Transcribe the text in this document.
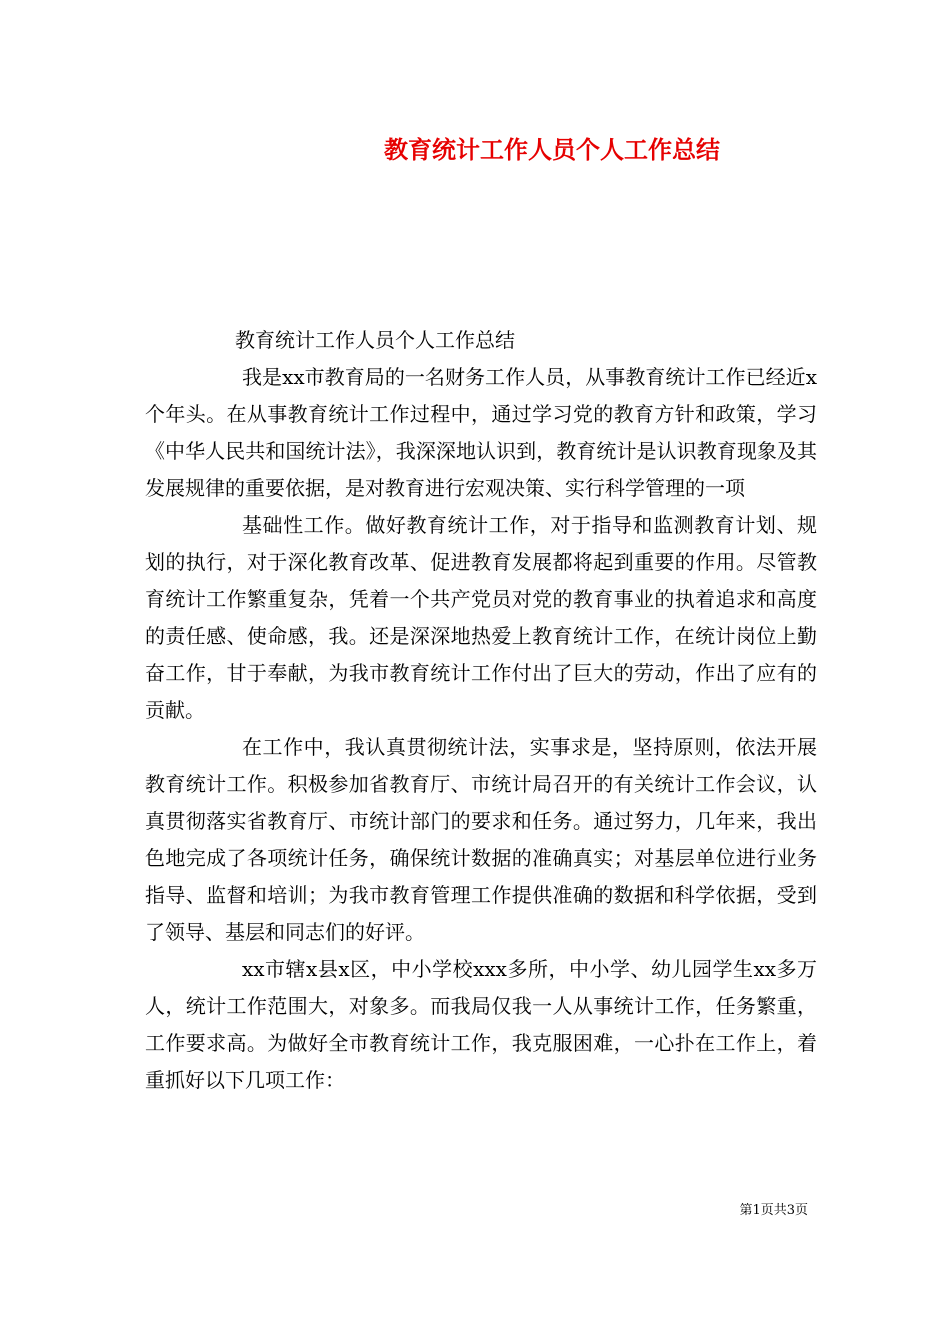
教育统计工作人员个人工作总结

教育统计工作人员个人工作总结

我是xx市教育局的一名财务工作人员，从事教育统计工作已经近x个年头。在从事教育统计工作过程中，通过学习党的教育方针和政策，学习《中华人民共和国统计法》，我深深地认识到，教育统计是认识教育现象及其发展规律的重要依据，是对教育进行宏观决策、实行科学管理的一项

基础性工作。做好教育统计工作，对于指导和监测教育计划、规划的执行，对于深化教育改革、促进教育发展都将起到重要的作用。尽管教育统计工作繁重复杂，凭着一个共产党员对党的教育事业的执着追求和高度的责任感、使命感，我。还是深深地热爱上教育统计工作，在统计岗位上勤奋工作，甘于奉献，为我市教育统计工作付出了巨大的劳动，作出了应有的贡献。

在工作中，我认真贯彻统计法，实事求是，坚持原则，依法开展教育统计工作。积极参加省教育厅、市统计局召开的有关统计工作会议，认真贯彻落实省教育厅、市统计部门的要求和任务。通过努力，几年来，我出色地完成了各项统计任务，确保统计数据的准确真实；对基层单位进行业务指导、监督和培训；为我市教育管理工作提供准确的数据和科学依据，受到了领导、基层和同志们的好评。

xx市辖x县x区，中小学校xxx多所，中小学、幼儿园学生xx多万人，统计工作范围大，对象多。而我局仅我一人从事统计工作，任务繁重，工作要求高。为做好全市教育统计工作，我克服困难，一心扑在工作上，着重抓好以下几项工作：

第1页共3页
